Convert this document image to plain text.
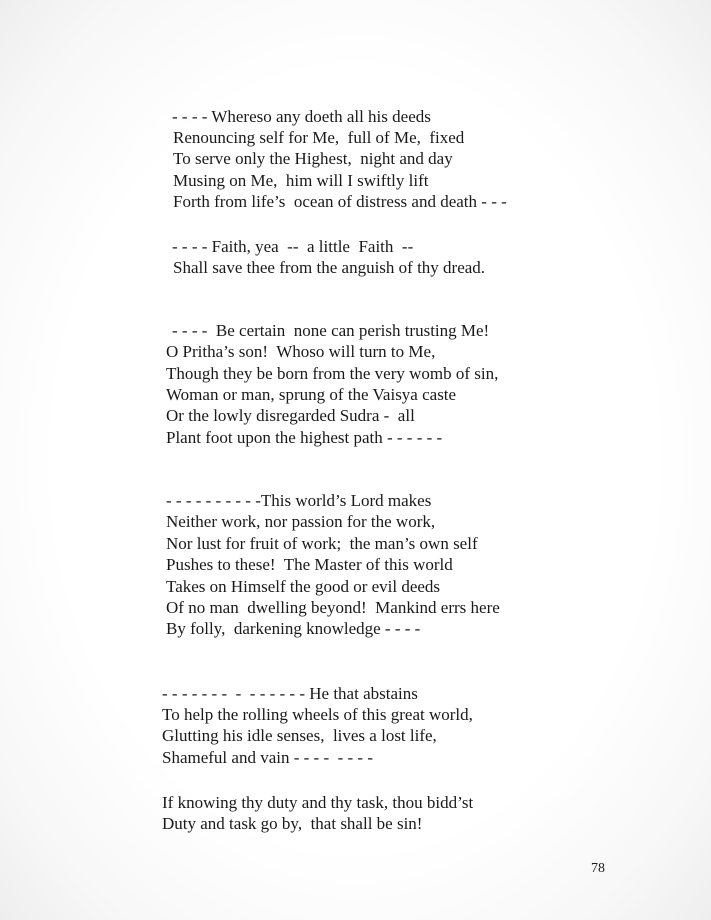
- - - - Whereso any doeth all his deeds
Renouncing self for Me,  full of Me,  fixed
To serve only the Highest,  night and day
Musing on Me,  him will I swiftly lift
Forth from life’s  ocean of distress and death - - -
- - - - Faith, yea  --  a little  Faith  --
Shall save thee from the anguish of thy dread.
- - - -  Be certain  none can perish trusting Me!
O Pritha’s son!  Whoso will turn to Me,
Though they be born from the very womb of sin,
Woman or man, sprung of the Vaisya caste
Or the lowly disregarded Sudra -  all
Plant foot upon the highest path - - - - - -
- - - - - - - - - -This world’s Lord makes
Neither work, nor passion for the work,
Nor lust for fruit of work;  the man’s own self
Pushes to these!  The Master of this world
Takes on Himself the good or evil deeds
Of no man  dwelling beyond!  Mankind errs here
By folly,  darkening knowledge - - - -
- - - - - - -  -  - - - - - - He that abstains
To help the rolling wheels of this great world,
Glutting his idle senses,  lives a lost life,
Shameful and vain - - - -  - - - -
If knowing thy duty and thy task, thou bidd’st
Duty and task go by,  that shall be sin!
78
